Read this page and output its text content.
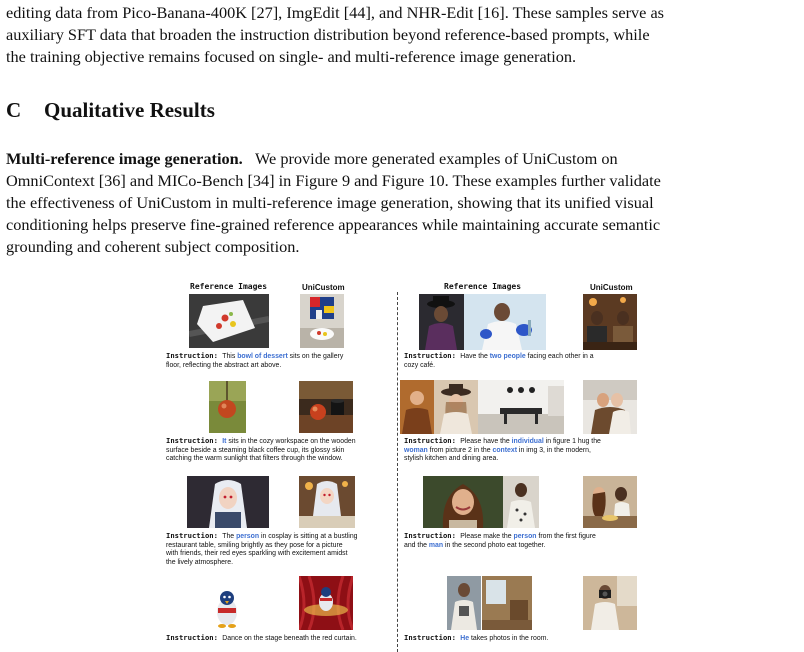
editing data from Pico-Banana-400K [27], ImgEdit [44], and NHR-Edit [16]. These samples serve as
auxiliary SFT data that broaden the instruction distribution beyond reference-based prompts, while
the training objective remains focused on single- and multi-reference image generation.
C Qualitative Results
Multi-reference image generation. We provide more generated examples of UniCustom on
OmniContext [36] and MICo-Bench [34] in Figure 9 and Figure 10. These examples further validate
the effectiveness of UniCustom in multi-reference image generation, showing that its unified visual
conditioning helps preserve fine-grained reference appearances while maintaining accurate semantic
grounding and coherent subject composition.
Reference Images	UniCustom	Reference Images	UniCustom
Instruction: This bowl of dessert sits on the gallery
floor, reflecting the abstract art above.
Instruction: It sits in the cozy workspace on the wooden
surface beside a steaming black coffee cup, its glossy skin
catching the warm sunlight that filters through the window.
Instruction: The person in cosplay is sitting at a bustling
restaurant table, smiling brightly as they pose for a picture
with friends, their red eyes sparkling with excitement amidst
the lively atmosphere.
Instruction: Dance on the stage beneath the red curtain.
Instruction: Have the two people facing each other in a
cozy café.
Instruction: Please have the individual in figure 1 hug the
woman from picture 2 in the context in img 3, in the modern,
stylish kitchen and dining area.
Instruction: Please make the person from the first figure
and the man in the second photo eat together.
Instruction: He takes photos in the room.
